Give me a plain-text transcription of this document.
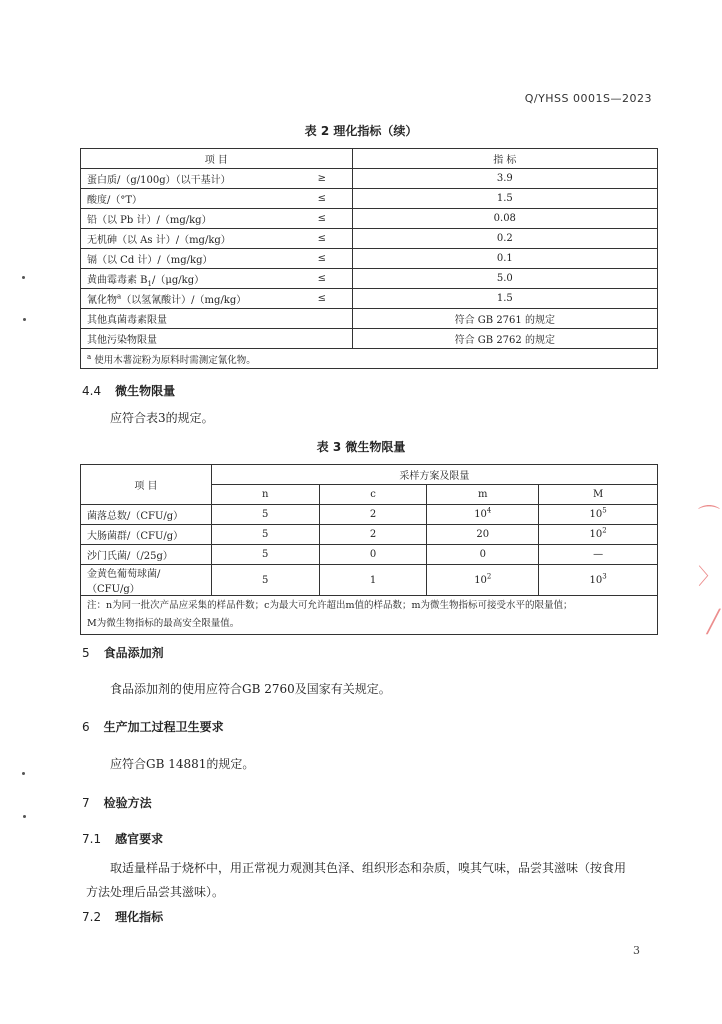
Q/YHSS 0001S—2023
表 2 理化指标（续）
项 目		指 标
蛋白质/（g/100g）（以干基计）	≥	3.9
酸度/（°T）	≤	1.5
铅（以 Pb 计）/（mg/kg）	≤	0.08
无机砷（以 As 计）/（mg/kg）	≤	0.2
镉（以 Cd 计）/（mg/kg）	≤	0.1
黄曲霉毒素 $B_1/(\mu g/kg)$	≤	5.0
氰化物$^a$（以氢氰酸计）/（mg/kg）	≤	1.5
其他真菌毒素限量		符合 GB 2761 的规定
其他污染物限量		符合 GB 2762 的规定
$^a$ 使用木薯淀粉为原料时需测定氰化物。		
4.4 微生物限量
应符合表3的规定。
表 3 微生物限量
项 目	采样方案及限量			
	n	c	m	M
菌落总数/（CFU/g）	5	2	$10^4$	$10^5$
大肠菌群/（CFU/g）	5	2	20	$10^2$
沙门氏菌/（/25g）	5	0	0	—
金黄色葡萄球菌/（CFU/g）	5	1	$10^2$	$10^3$

注：n为同一批次产品应采集的样品件数；c为最大可允许超出m值的样品数；m为微生物指标可接受水平的限量值；
M为微生物指标的最高安全限量值。				
5 食品添加剂
食品添加剂的使用应符合GB 2760及国家有关规定。
6 生产加工过程卫生要求
应符合GB 14881的规定。
7 检验方法
7.1 感官要求
取适量样品于烧杯中，用正常视力观测其色泽、组织形态和杂质，嗅其气味，品尝其滋味（按食用
方法处理后品尝其滋味）。
7.2 理化指标
3
⌒
〉
╱
